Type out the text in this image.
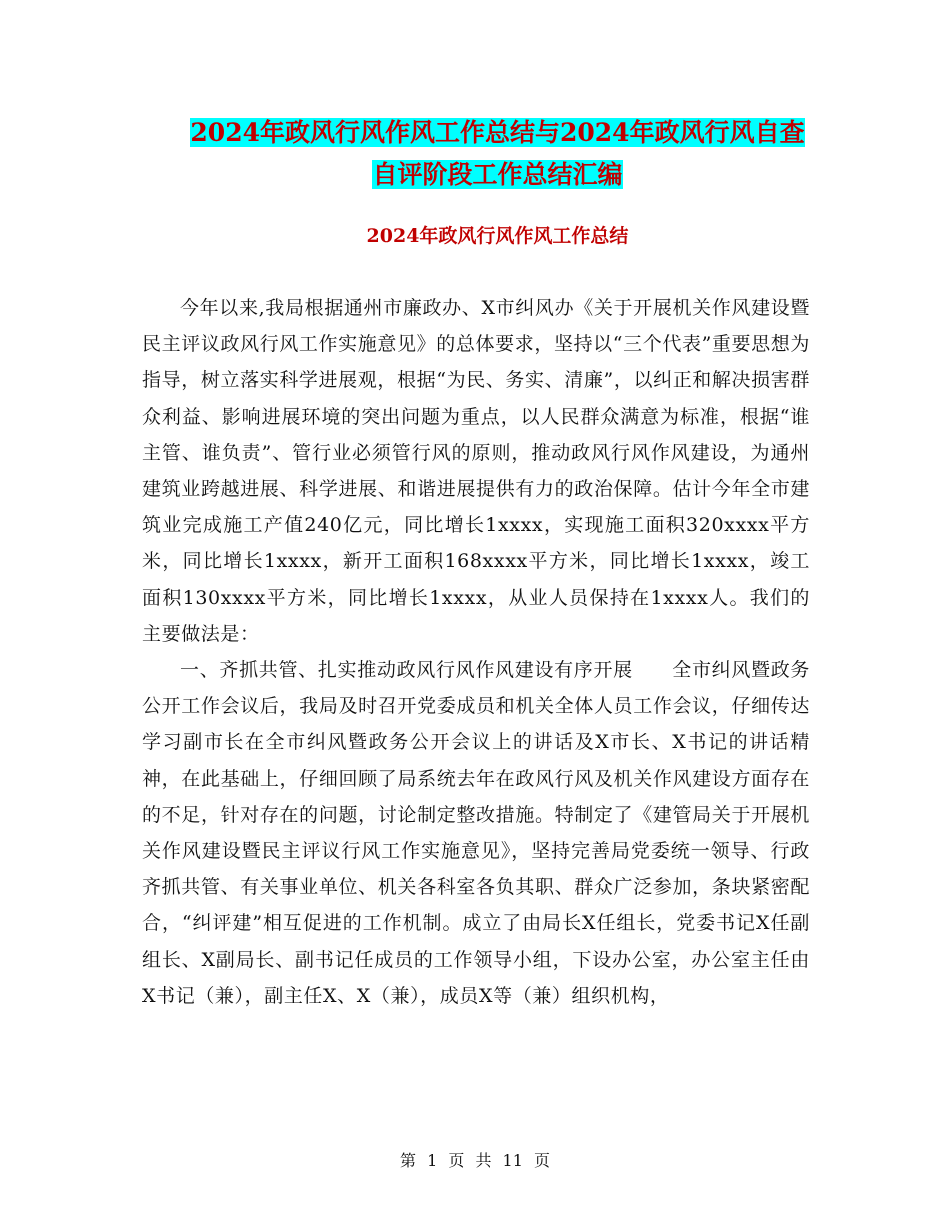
2024年政风行风作风工作总结与2024年政风行风自查
自评阶段工作总结汇编
2024年政风行风作风工作总结

今年以来,我局根据通州市廉政办、X市纠风办《关于开展机关作风建设暨民主评议政风行风工作实施意见》的总体要求，坚持以“三个代表”重要思想为指导，树立落实科学进展观，根据“为民、务实、清廉”，以纠正和解决损害群众利益、影响进展环境的突出问题为重点，以人民群众满意为标准，根据“谁主管、谁负责”、管行业必须管行风的原则，推动政风行风作风建设，为通州建筑业跨越进展、科学进展、和谐进展提供有力的政治保障。估计今年全市建筑业完成施工产值240亿元，同比增长1xxxx，实现施工面积320xxxx平方米，同比增长1xxxx，新开工面积168xxxx平方米，同比增长1xxxx，竣工面积130xxxx平方米，同比增长1xxxx，从业人员保持在1xxxx人。我们的主要做法是：

一、齐抓共管、扎实推动政风行风作风建设有序开展　　全市纠风暨政务公开工作会议后，我局及时召开党委成员和机关全体人员工作会议，仔细传达学习副市长在全市纠风暨政务公开会议上的讲话及X市长、X书记的讲话精神，在此基础上，仔细回顾了局系统去年在政风行风及机关作风建设方面存在的不足，针对存在的问题，讨论制定整改措施。特制定了《建管局关于开展机关作风建设暨民主评议行风工作实施意见》，坚持完善局党委统一领导、行政齐抓共管、有关事业单位、机关各科室各负其职、群众广泛参加，条块紧密配合，“纠评建”相互促进的工作机制。成立了由局长X任组长，党委书记X任副组长、X副局长、副书记任成员的工作领导小组，下设办公室，办公室主任由X书记（兼），副主任X、X（兼），成员X等（兼）组织机构，

第 1 页 共 11 页
